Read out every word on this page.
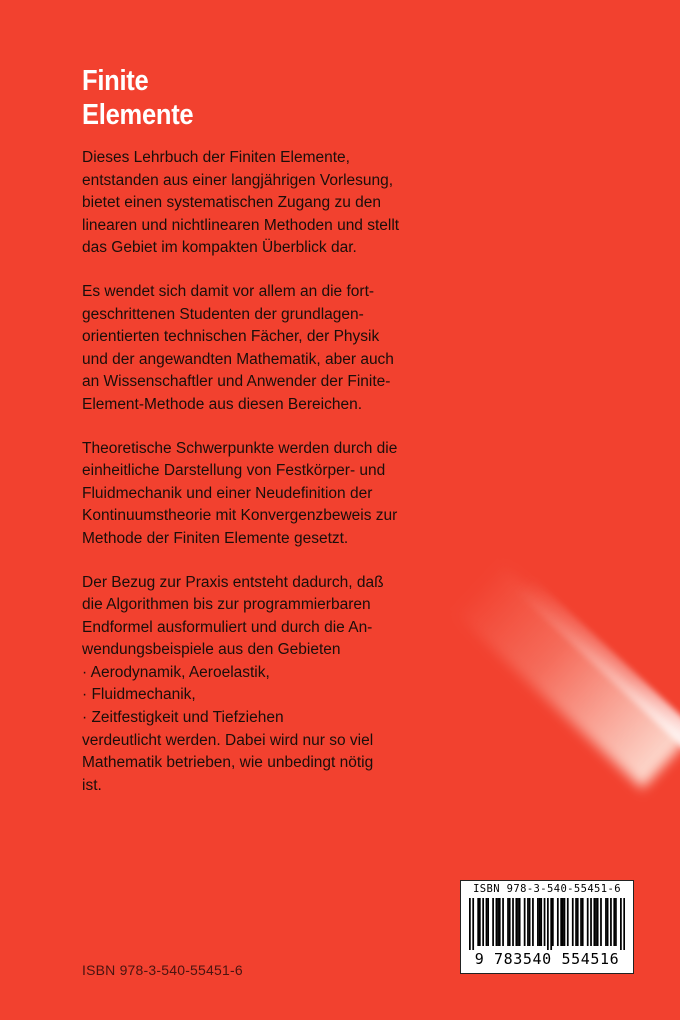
Finite
Elemente

Dieses Lehrbuch der Finiten Elemente,
entstanden aus einer langjährigen Vorlesung,
bietet einen systematischen Zugang zu den
linearen und nichtlinearen Methoden und stellt
das Gebiet im kompakten Überblick dar.

Es wendet sich damit vor allem an die fort-
geschrittenen Studenten der grundlagen-
orientierten technischen Fächer, der Physik
und der angewandten Mathematik, aber auch
an Wissenschaftler und Anwender der Finite-
Element-Methode aus diesen Bereichen.

Theoretische Schwerpunkte werden durch die
einheitliche Darstellung von Festkörper- und
Fluidmechanik und einer Neudefinition der
Kontinuumstheorie mit Konvergenzbeweis zur
Methode der Finiten Elemente gesetzt.

Der Bezug zur Praxis entsteht dadurch, daß
die Algorithmen bis zur programmierbaren
Endformel ausformuliert und durch die An-
wendungsbeispiele aus den Gebieten
· Aerodynamik, Aeroelastik,
· Fluidmechanik,
· Zeitfestigkeit und Tiefziehen
verdeutlicht werden. Dabei wird nur so viel
Mathematik betrieben, wie unbedingt nötig
ist.

ISBN 978-3-540-55451-6
ISBN 978-3-540-55451-6
9 783540 554516
